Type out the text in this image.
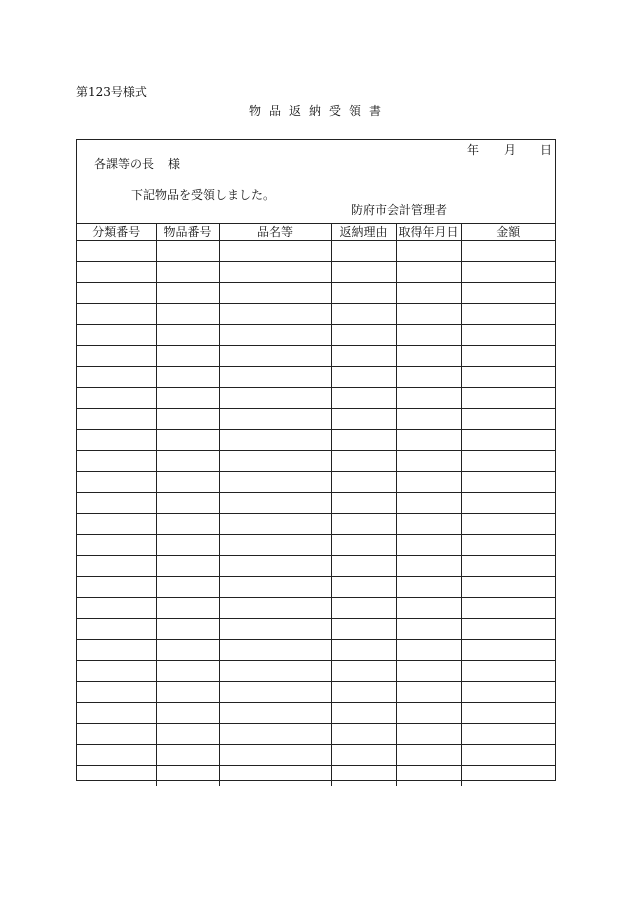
第123号様式
物 品 返 納 受 領 書
年 月 日
各課等の長 様
下記物品を受領しました。
防府市会計管理者
分類番号	物品番号	品名等	返納理由	取得年月日	金額
